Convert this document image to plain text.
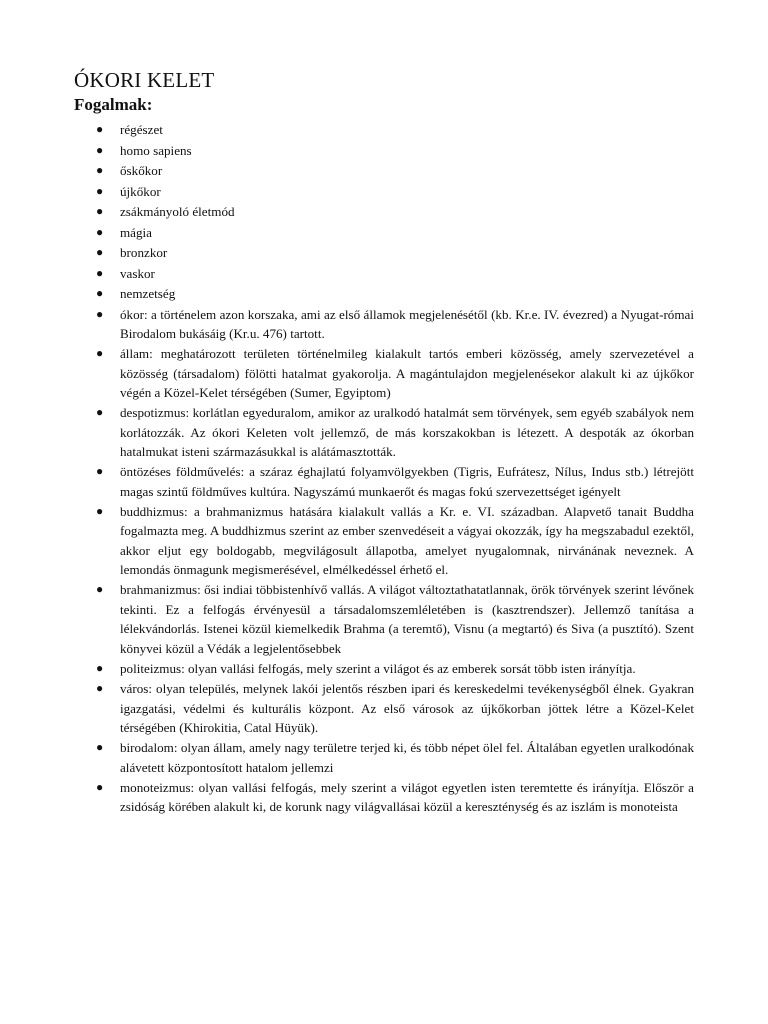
ÓKORI KELET
Fogalmak:
● régészet
● homo sapiens
● őskőkor
● újkőkor
● zsákmányoló életmód
● mágia
● bronzkor
● vaskor
● nemzetség
● ókor: a történelem azon korszaka, ami az első államok megjelenésétől (kb. Kr.e. IV. évezred) a Nyugat-római Birodalom bukásáig (Kr.u. 476) tartott.
● állam: meghatározott területen történelmileg kialakult tartós emberi közösség, amely szervezetével a közösség (társadalom) fölötti hatalmat gyakorolja. A magántulajdon megjelenésekor alakult ki az újkőkor végén a Közel-Kelet térségében (Sumer, Egyiptom)
● despotizmus: korlátlan egyeduralom, amikor az uralkodó hatalmát sem törvények, sem egyéb szabályok nem korlátozzák. Az ókori Keleten volt jellemző, de más korszakokban is létezett. A despoták az ókorban hatalmukat isteni származásukkal is alátámasztották.
● öntözéses földművelés: a száraz éghajlatú folyamvölgyekben (Tigris, Eufrátesz, Nílus, Indus stb.) létrejött magas szintű földműves kultúra. Nagyszámú munkaerőt és magas fokú szervezettséget igényelt
● buddhizmus: a brahmanizmus hatására kialakult vallás a Kr. e. VI. században. Alapvető tanait Buddha fogalmazta meg. A buddhizmus szerint az ember szenvedéseit a vágyai okozzák, így ha megszabadul ezektől, akkor eljut egy boldogabb, megvilágosult állapotba, amelyet nyugalomnak, nirvánának neveznek. A lemondás önmagunk megismerésével, elmélkedéssel érhető el.
● brahmanizmus: ősi indiai többistenhívő vallás. A világot változtathatatlannak, örök törvények szerint lévőnek tekinti. Ez a felfogás érvényesül a társadalomszemléletében is (kasztrendszer). Jellemző tanítása a lélekvándorlás. Istenei közül kiemelkedik Brahma (a teremtő), Visnu (a megtartó) és Siva (a pusztító). Szent könyvei közül a Védák a legjelentősebbek
● politeizmus: olyan vallási felfogás, mely szerint a világot és az emberek sorsát több isten irányítja.
● város: olyan település, melynek lakói jelentős részben ipari és kereskedelmi tevékenységből élnek. Gyakran igazgatási, védelmi és kulturális központ. Az első városok az újkőkorban jöttek létre a Közel-Kelet térségében (Khirokitia, Catal Hüyük).
● birodalom: olyan állam, amely nagy területre terjed ki, és több népet ölel fel. Általában egyetlen uralkodónak alávetett központosított hatalom jellemzi
● monoteizmus: olyan vallási felfogás, mely szerint a világot egyetlen isten teremtette és irányítja. Először a zsidóság körében alakult ki, de korunk nagy világvallásai közül a kereszténység és az iszlám is monoteista
